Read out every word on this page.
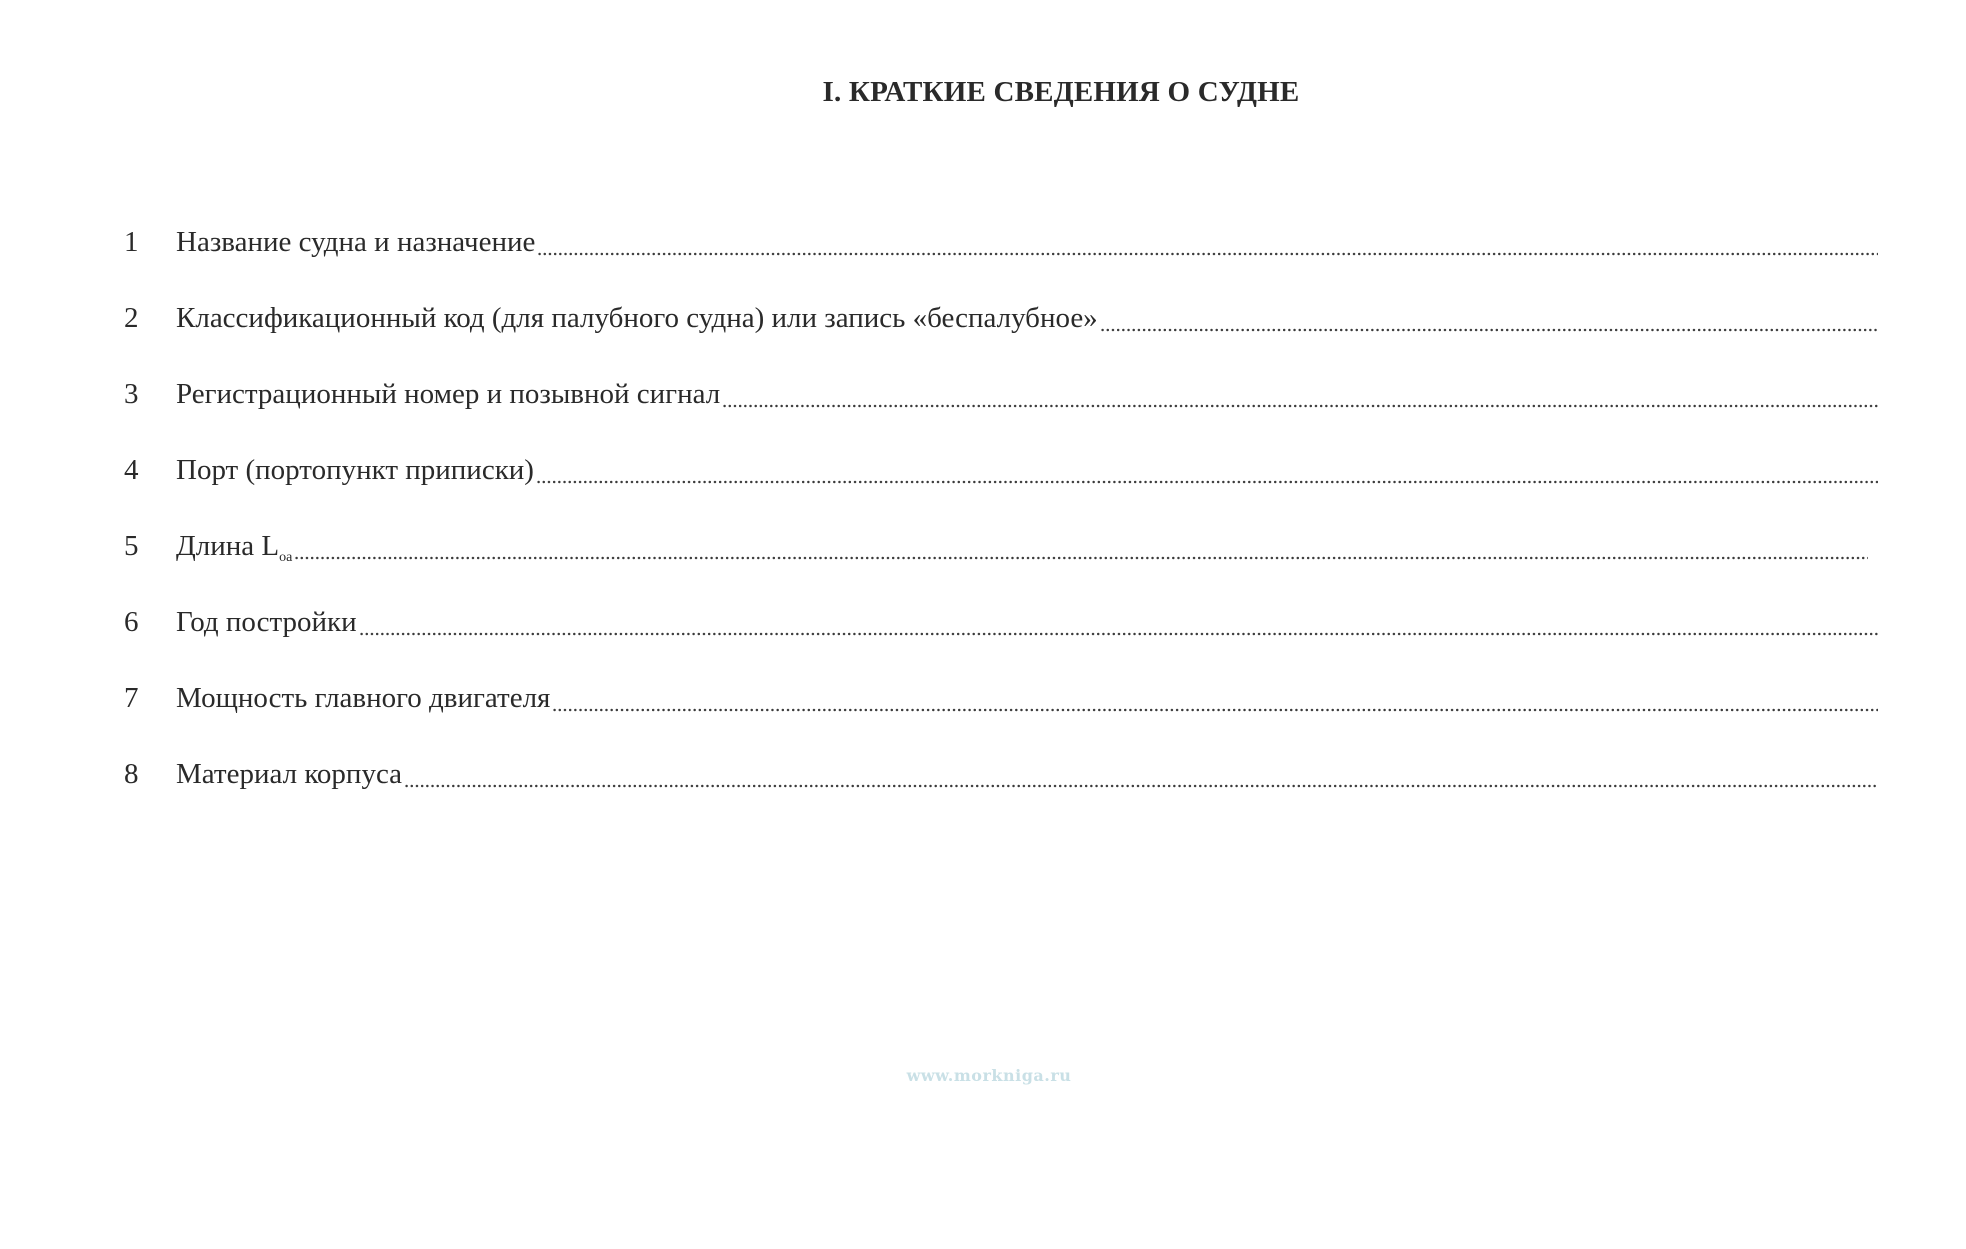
I. КРАТКИЕ СВЕДЕНИЯ О СУДНЕ
1	Название судна и назначение
2	Классификационный код (для палубного судна) или запись «беспалубное»
3	Регистрационный номер и позывной сигнал
4	Порт (портопункт приписки)
5	Длина $L_{oa}$
6	Год постройки
7	Мощность главного двигателя
8	Материал корпуса
www.morkniga.ru
